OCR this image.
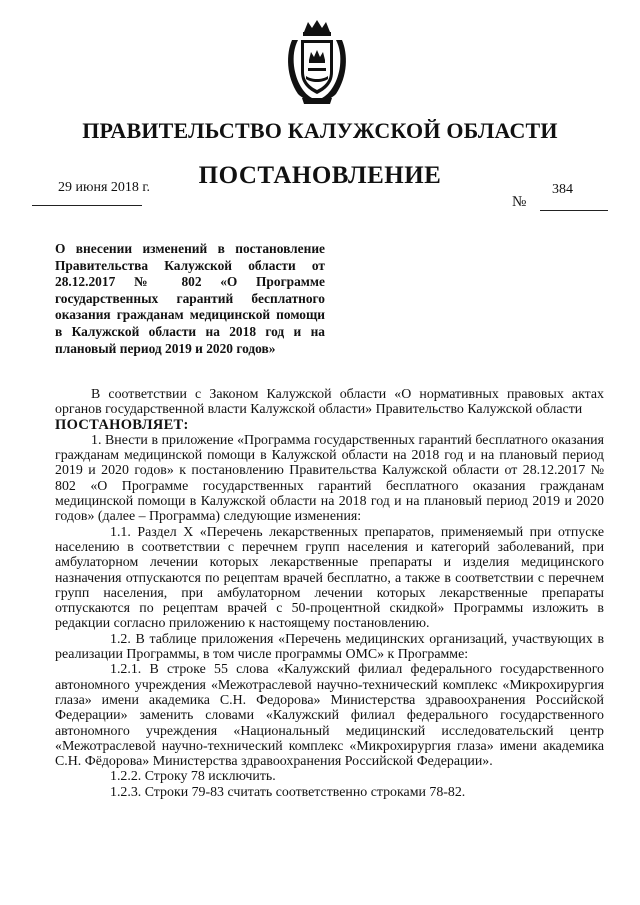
ПРАВИТЕЛЬСТВО КАЛУЖСКОЙ ОБЛАСТИ
ПОСТАНОВЛЕНИЕ
29 июня 2018 г.	384
№
О внесении изменений в постановление Правительства Калужской области от 28.12.2017 № 802 «О Программе государственных гарантий бесплатного оказания гражданам медицинской помощи в Калужской области на 2018 год и на плановый период 2019 и 2020 годов»

В соответствии с Законом Калужской области «О нормативных правовых актах органов государственной власти Калужской области» Правительство Калужской области

ПОСТАНОВЛЯЕТ:

1. Внести в приложение «Программа государственных гарантий бесплатного оказания гражданам медицинской помощи в Калужской области на 2018 год и на плановый период 2019 и 2020 годов» к постановлению Правительства Калужской области от 28.12.2017 № 802 «О Программе государственных гарантий бесплатного оказания гражданам медицинской помощи в Калужской области на 2018 год и на плановый период 2019 и 2020 годов» (далее – Программа) следующие изменения:

1.1. Раздел X «Перечень лекарственных препаратов, применяемый при отпуске населению в соответствии с перечнем групп населения и категорий заболеваний, при амбулаторном лечении которых лекарственные препараты и изделия медицинского назначения отпускаются по рецептам врачей бесплатно, а также в соответствии с перечнем групп населения, при амбулаторном лечении которых лекарственные препараты отпускаются по рецептам врачей с 50-процентной скидкой» Программы изложить в редакции согласно приложению к настоящему постановлению.

1.2. В таблице приложения «Перечень медицинских организаций, участвующих в реализации Программы, в том числе программы ОМС» к Программе:

1.2.1. В строке 55 слова «Калужский филиал федерального государственного автономного учреждения «Межотраслевой научно-технический комплекс «Микрохирургия глаза» имени академика С.Н. Федорова» Министерства здравоохранения Российской Федерации» заменить словами «Калужский филиал федерального государственного автономного учреждения «Национальный медицинский исследовательский центр «Межотраслевой научно-технический комплекс «Микрохирургия глаза» имени академика С.Н. Фёдорова» Министерства здравоохранения Российской Федерации».

1.2.2. Строку 78 исключить.

1.2.3. Строки 79-83 считать соответственно строками 78-82.
